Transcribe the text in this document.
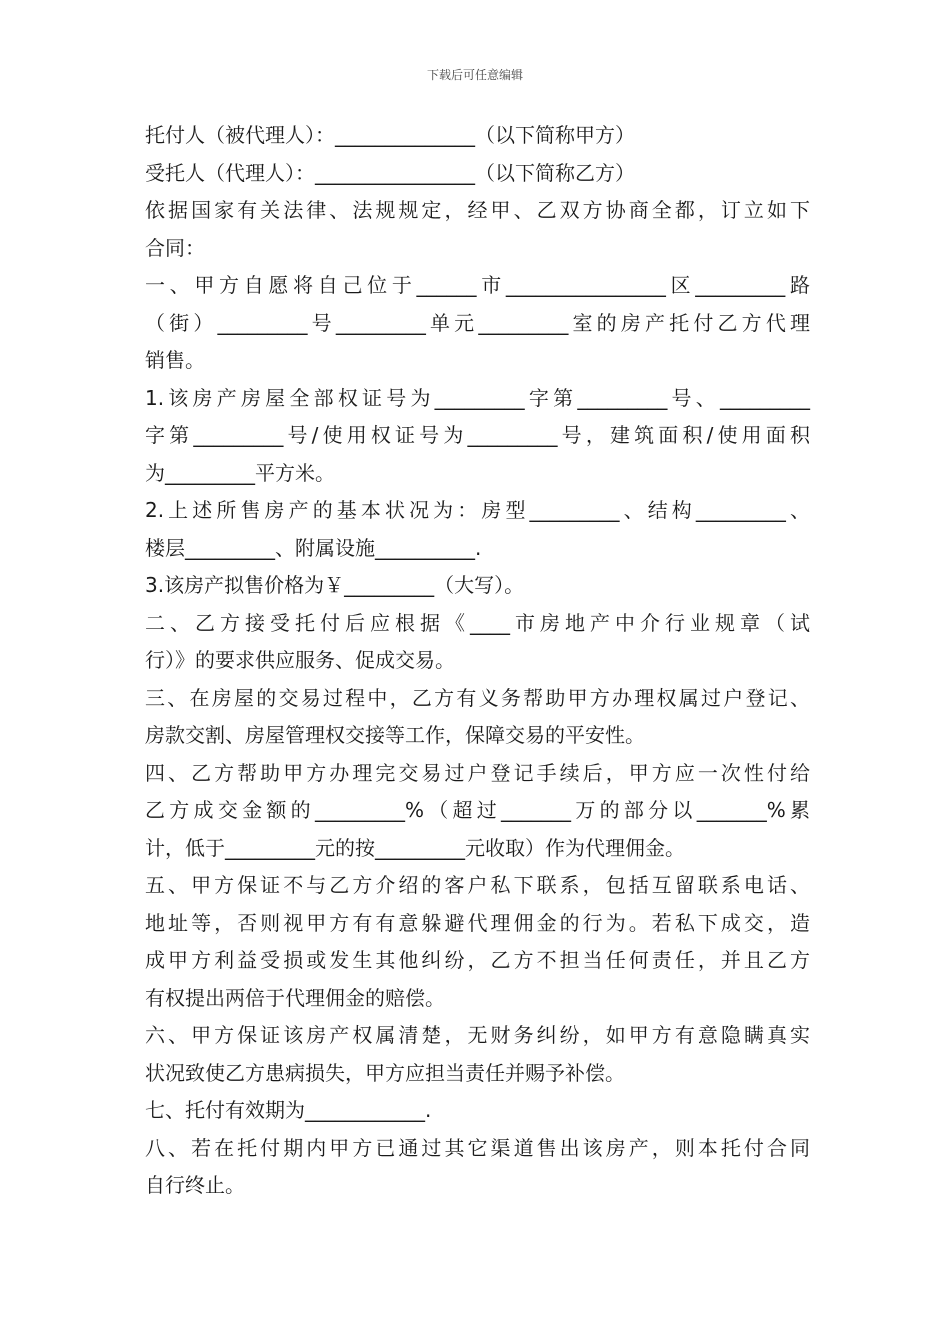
下载后可任意编辑
托付人（被代理人）：______________（以下简称甲方）
受托人（代理人）：________________（以下简称乙方）
依据国家有关法律、法规规定，经甲、乙双方协商全都，订立如下
合同：
一、甲方自愿将自己位于______市________________区_________路
（街）_________号_________单元_________室的房产托付乙方代理
销售。
1.该房产房屋全部权证号为_________字第_________号、_________
字第_________号/使用权证号为_________号，建筑面积/使用面积
为_________平方米。
2.上述所售房产的基本状况为：房型_________、结构_________、
楼层_________、附属设施__________.
3.该房产拟售价格为￥_________（大写）。
二、乙方接受托付后应根据《____市房地产中介行业规章（试
行）》的要求供应服务、促成交易。
三、在房屋的交易过程中，乙方有义务帮助甲方办理权属过户登记、
房款交割、房屋管理权交接等工作，保障交易的平安性。
四、乙方帮助甲方办理完交易过户登记手续后，甲方应一次性付给
乙方成交金额的_________%（超过_______万的部分以_______%累
计，低于_________元的按_________元收取）作为代理佣金。
五、甲方保证不与乙方介绍的客户私下联系，包括互留联系电话、
地址等，否则视甲方有有意躲避代理佣金的行为。若私下成交，造
成甲方利益受损或发生其他纠纷，乙方不担当任何责任，并且乙方
有权提出两倍于代理佣金的赔偿。
六、甲方保证该房产权属清楚，无财务纠纷，如甲方有意隐瞒真实
状况致使乙方患病损失，甲方应担当责任并赐予补偿。
七、托付有效期为____________.
八、若在托付期内甲方已通过其它渠道售出该房产，则本托付合同
自行终止。
